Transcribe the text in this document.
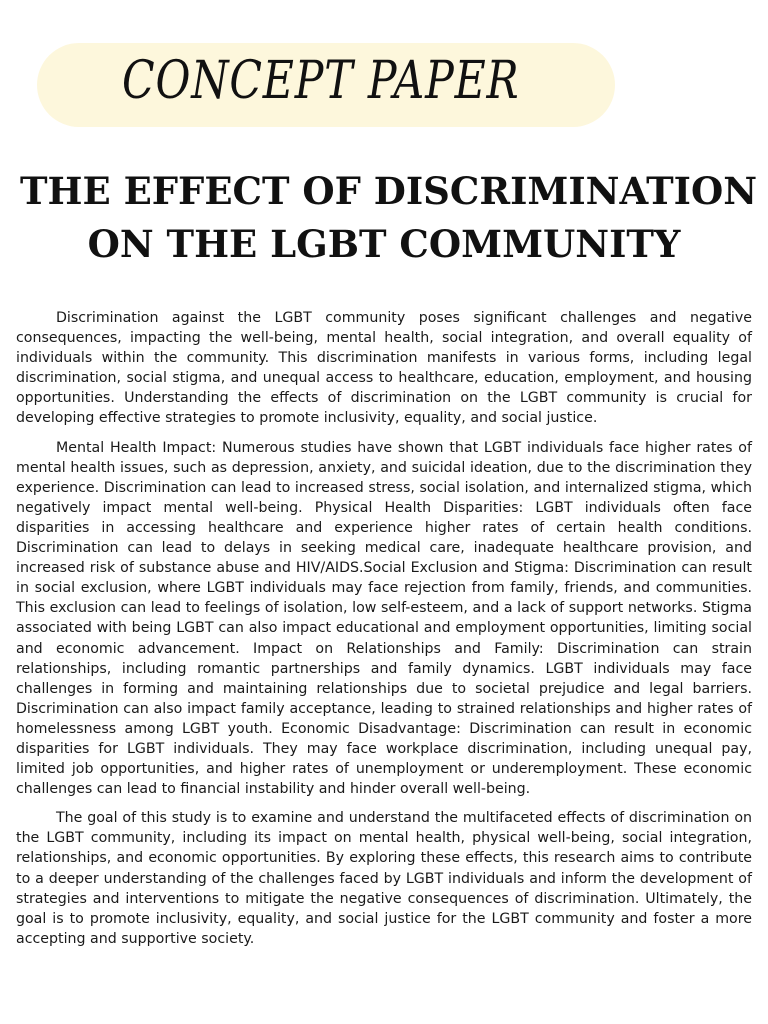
CONCEPT PAPER
THE EFFECT OF DISCRIMINATION
ON THE LGBT COMMUNITY

Discrimination against the LGBT community poses significant challenges and negative consequences, impacting the well-being, mental health, social integration, and overall equality of individuals within the community. This discrimination manifests in various forms, including legal discrimination, social stigma, and unequal access to healthcare, education, employment, and housing opportunities. Understanding the effects of discrimination on the LGBT community is crucial for developing effective strategies to promote inclusivity, equality, and social justice.

Mental Health Impact: Numerous studies have shown that LGBT individuals face higher rates of mental health issues, such as depression, anxiety, and suicidal ideation, due to the discrimination they experience. Discrimination can lead to increased stress, social isolation, and internalized stigma, which negatively impact mental well-being. Physical Health Disparities: LGBT individuals often face disparities in accessing healthcare and experience higher rates of certain health conditions. Discrimination can lead to delays in seeking medical care, inadequate healthcare provision, and increased risk of substance abuse and HIV/AIDS.Social Exclusion and Stigma: Discrimination can result in social exclusion, where LGBT individuals may face rejection from family, friends, and communities. This exclusion can lead to feelings of isolation, low self-esteem, and a lack of support networks. Stigma associated with being LGBT can also impact educational and employment opportunities, limiting social and economic advancement. Impact on Relationships and Family: Discrimination can strain relationships, including romantic partnerships and family dynamics. LGBT individuals may face challenges in forming and maintaining relationships due to societal prejudice and legal barriers. Discrimination can also impact family acceptance, leading to strained relationships and higher rates of homelessness among LGBT youth. Economic Disadvantage: Discrimination can result in economic disparities for LGBT individuals. They may face workplace discrimination, including unequal pay, limited job opportunities, and higher rates of unemployment or underemployment. These economic challenges can lead to financial instability and hinder overall well-being.

The goal of this study is to examine and understand the multifaceted effects of discrimination on the LGBT community, including its impact on mental health, physical well-being, social integration, relationships, and economic opportunities. By exploring these effects, this research aims to contribute to a deeper understanding of the challenges faced by LGBT individuals and inform the development of strategies and interventions to mitigate the negative consequences of discrimination. Ultimately, the goal is to promote inclusivity, equality, and social justice for the LGBT community and foster a more accepting and supportive society.
